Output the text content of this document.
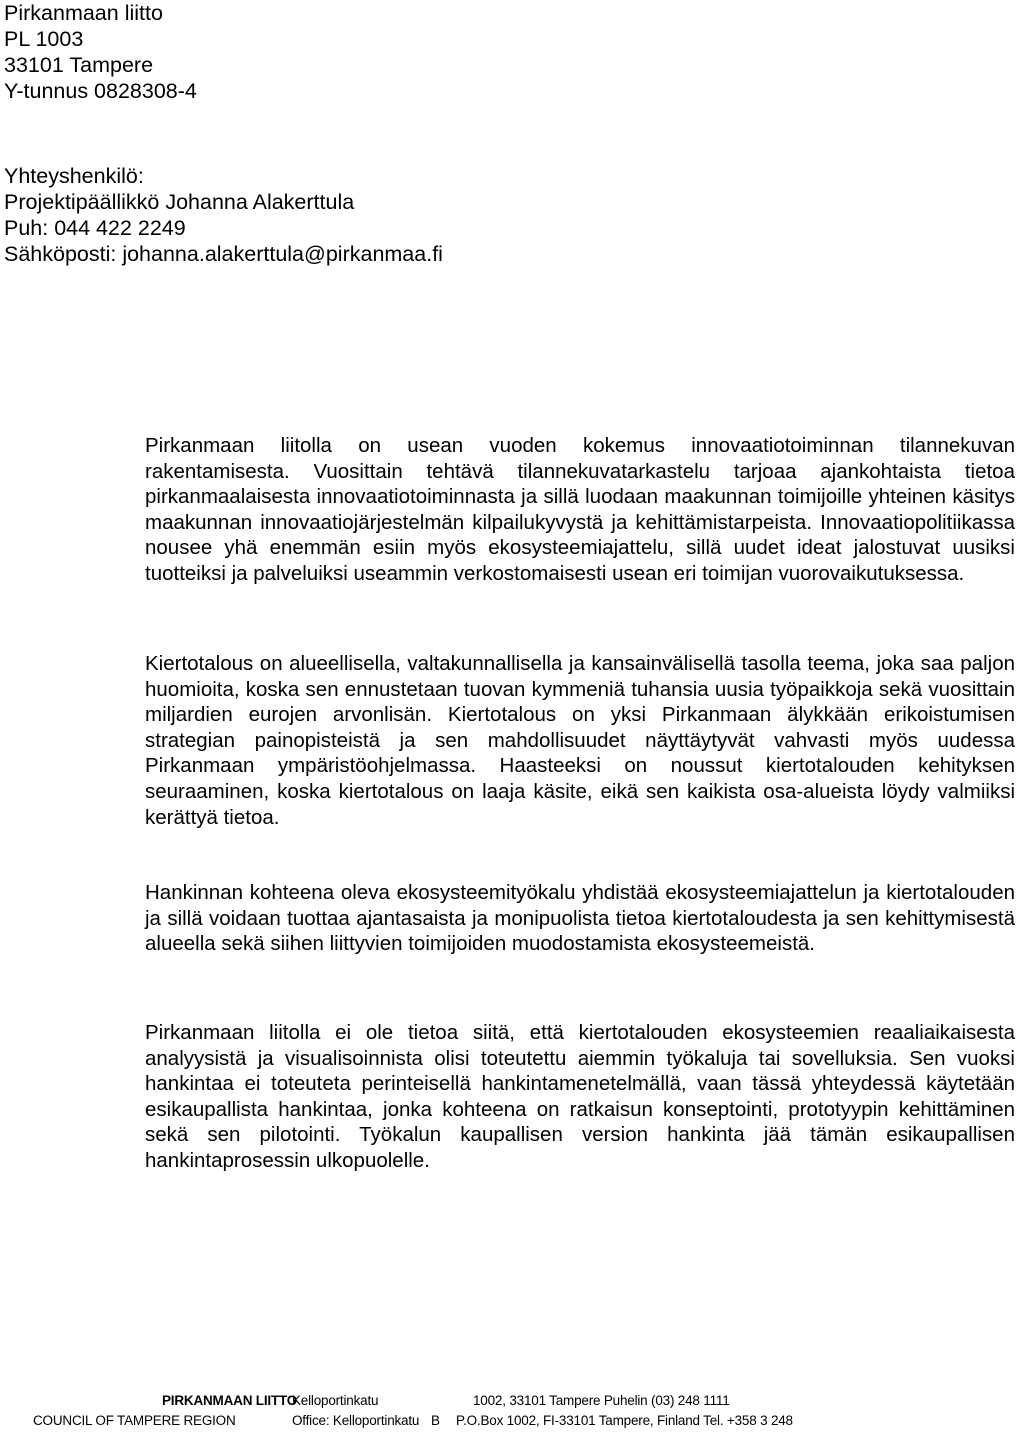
Pirkanmaan liitto
PL 1003
33101 Tampere
Y-tunnus 0828308-4
Yhteyshenkilö:
Projektipäällikkö Johanna Alakerttula
Puh: 044 422 2249
Sähköposti: johanna.alakerttula@pirkanmaa.fi

Pirkanmaan liitolla on usean vuoden kokemus innovaatiotoiminnan tilannekuvan rakentamisesta. Vuosittain tehtävä tilannekuvatarkastelu tarjoaa ajankohtaista tietoa pirkanmaalaisesta innovaatiotoiminnasta ja sillä luodaan maakunnan toimijoille yhteinen käsitys maakunnan innovaatiojärjestelmän kilpailukyvystä ja kehittämistarpeista. Innovaatiopolitiikassa nousee yhä enemmän esiin myös ekosysteemiajattelu, sillä uudet ideat jalostuvat uusiksi tuotteiksi ja palveluiksi useammin verkostomaisesti usean eri toimijan vuorovaikutuksessa.

Kiertotalous on alueellisella, valtakunnallisella ja kansainvälisellä tasolla teema, joka saa paljon huomioita, koska sen ennustetaan tuovan kymmeniä tuhansia uusia työpaikkoja sekä vuosittain miljardien eurojen arvonlisän. Kiertotalous on yksi Pirkanmaan älykkään erikoistumisen strategian painopisteistä ja sen mahdollisuudet näyttäytyvät vahvasti myös uudessa Pirkanmaan ympäristöohjelmassa. Haasteeksi on noussut kiertotalouden kehityksen seuraaminen, koska kiertotalous on laaja käsite, eikä sen kaikista osa-alueista löydy valmiiksi kerättyä tietoa.

Hankinnan kohteena oleva ekosysteemityökalu yhdistää ekosysteemiajattelun ja kiertotalouden ja sillä voidaan tuottaa ajantasaista ja monipuolista tietoa kiertotaloudesta ja sen kehittymisestä alueella sekä siihen liittyvien toimijoiden muodostamista ekosysteemeistä.

Pirkanmaan liitolla ei ole tietoa siitä, että kiertotalouden ekosysteemien reaaliaikaisesta analyysistä ja visualisoinnista olisi toteutettu aiemmin työkaluja tai sovelluksia. Sen vuoksi hankintaa ei toteuteta perinteisellä hankintamenetelmällä, vaan tässä yhteydessä käytetään esikaupallista hankintaa, jonka kohteena on ratkaisun konseptointi, prototyypin kehittäminen sekä sen pilotointi. Työkalun kaupallisen version hankinta jää tämän esikaupallisen hankintaprosessin ulkopuolelle.

PIRKANMAAN LIITTO
Kelloportinkatu	1002, 33101 Tampere Puhelin (03) 248 1111
COUNCIL OF TAMPERE REGION	Office: Kelloportinkatu B P.O.Box 1002, FI-33101 Tampere, Finland Tel. +358 3 248
